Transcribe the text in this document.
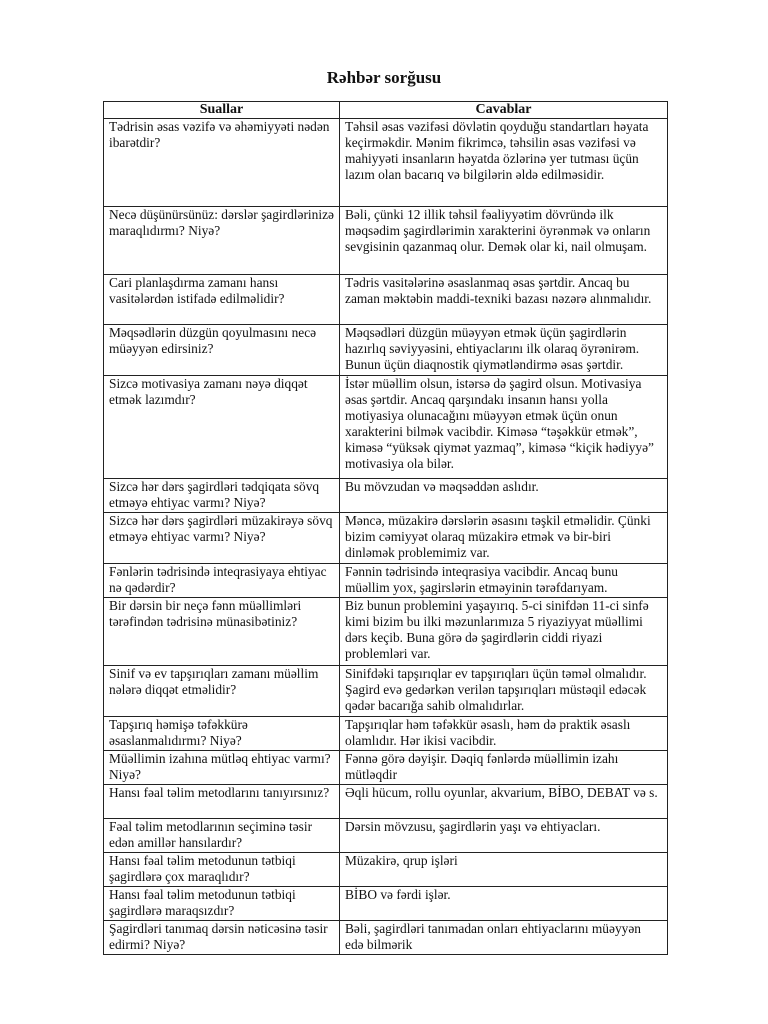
Rəhbər sorğusu
Suallar	Cavablar
Tədrisin əsas vəzifə və əhəmiyyəti nədən ibarətdir?	Təhsil əsas vəzifəsi dövlətin qoyduğu standartları həyata keçirməkdir. Mənim fikrimcə, təhsilin əsas vəzifəsi və mahiyyəti insanların həyatda özlərinə yer tutması üçün lazım olan bacarıq və bilgilərin əldə edilməsidir.
Necə düşünürsünüz: dərslər şagirdlərinizə maraqlıdırmı? Niyə?	Bəli, çünki 12 illik təhsil fəaliyyətim dövründə ilk məqsədim şagirdlərimin xarakterini öyrənmək və onların sevgisinin qazanmaq olur. Demək olar ki, nail olmuşam.
Cari planlaşdırma zamanı hansı vasitələrdən istifadə edilməlidir?	Tədris vasitələrinə əsaslanmaq əsas şərtdir. Ancaq bu zaman məktəbin maddi-texniki bazası nəzərə alınmalıdır.
Məqsədlərin düzgün qoyulmasını necə müəyyən edirsiniz?	Məqsədləri düzgün müəyyən etmək üçün şagirdlərin hazırlıq səviyyəsini, ehtiyaclarını ilk olaraq öyrənirəm. Bunun üçün diaqnostik qiymətləndirmə əsas şərtdir.
Sizcə motivasiya zamanı nəyə diqqət etmək lazımdır?	İstər müəllim olsun, istərsə də şagird olsun. Motivasiya əsas şərtdir. Ancaq qarşındakı insanın hansı yolla motiyasiya olunacağını müəyyən etmək üçün onun xarakterini bilmək vacibdir. Kiməsə “təşəkkür etmək”, kiməsə “yüksək qiymət yazmaq”, kiməsə “kiçik hədiyyə” motivasiya ola bilər.
Sizcə hər dərs şagirdləri tədqiqata sövq etməyə ehtiyac varmı? Niyə?	Bu mövzudan və məqsəddən aslıdır.
Sizcə hər dərs şagirdləri müzakirəyə sövq etməyə ehtiyac varmı? Niyə?	Məncə, müzakirə dərslərin əsasını təşkil etməlidir. Çünki bizim cəmiyyət olaraq müzakirə etmək və bir-biri dinləmək problemimiz var.
Fənlərin tədrisində inteqrasiyaya ehtiyac nə qədərdir?	Fənnin tədrisində inteqrasiya vacibdir. Ancaq bunu müəllim yox, şagirslərin etməyinin tərəfdarıyam.
Bir dərsin bir neçə fənn müəllimləri tərəfindən tədrisinə münasibətiniz?	Biz bunun problemini yaşayırıq. 5-ci sinifdən 11-ci sinfə kimi bizim bu ilki məzunlarımıza 5 riyaziyyat müəllimi dərs keçib. Buna görə də şagirdlərin ciddi riyazi problemləri var.
Sinif və ev tapşırıqları zamanı müəllim nələrə diqqət etməlidir?	Sinifdəki tapşırıqlar ev tapşırıqları üçün təməl olmalıdır. Şagird evə gedərkən verilən tapşırıqları müstəqil edəcək qədər bacarığa sahib olmalıdırlar.
Tapşırıq həmişə təfəkkürə əsaslanmalıdırmı? Niyə?	Tapşırıqlar həm təfəkkür əsaslı, həm də praktik əsaslı olamlıdır. Hər ikisi vacibdir.
Müəllimin izahına mütləq ehtiyac varmı? Niyə?	Fənnə görə dəyişir. Dəqiq fənlərdə müəllimin izahı mütləqdir
Hansı fəal təlim metodlarını tanıyırsınız?	Əqli hücum, rollu oyunlar, akvarium, BİBO, DEBAT və s.
Fəal təlim metodlarının seçiminə təsir edən amillər hansılardır?	Dərsin mövzusu, şagirdlərin yaşı və ehtiyacları.
Hansı fəal təlim metodunun tətbiqi şagirdlərə çox maraqlıdır?	Müzakirə, qrup işləri
Hansı fəal təlim metodunun tətbiqi şagirdlərə maraqsızdır?	BİBO və fərdi işlər.
Şagirdləri tanımaq dərsin nəticəsinə təsir edirmi? Niyə?	Bəli, şagirdləri tanımadan onları ehtiyaclarını müəyyən edə bilmərik
